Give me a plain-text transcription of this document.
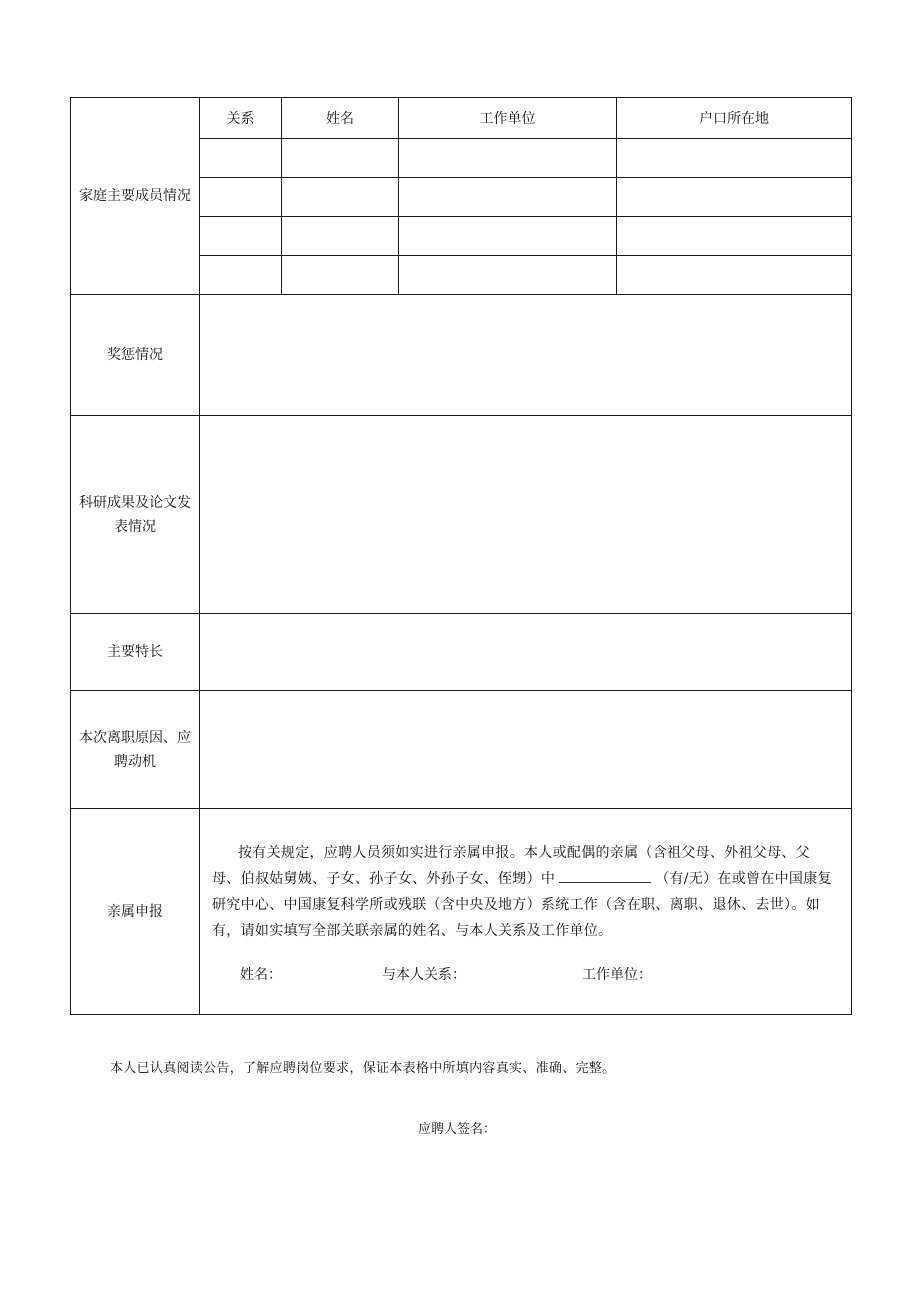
家庭主要成员情况	关系	姓名	工作单位	户口所在地

奖惩情况				
科研成果及论文发表情况				
主要特长				
本次离职原因、应聘动机				
亲属申报	按有关规定，应聘人员须如实进行亲属申报。本人或配偶的亲属（含祖父母、外祖父母、父母、伯叔姑舅姨、子女、孙子女、外孙子女、侄甥）中 （有/无）在或曾在中国康复研究中心、中国康复科学所或残联（含中央及地方）系统工作（含在职、离职、退休、去世）。如有，请如实填写全部关联亲属的姓名、与本人关系及工作单位。
姓名： 与本人关系： 工作单位：			
本人已认真阅读公告，了解应聘岗位要求，保证本表格中所填内容真实、准确、完整。
应聘人签名：
